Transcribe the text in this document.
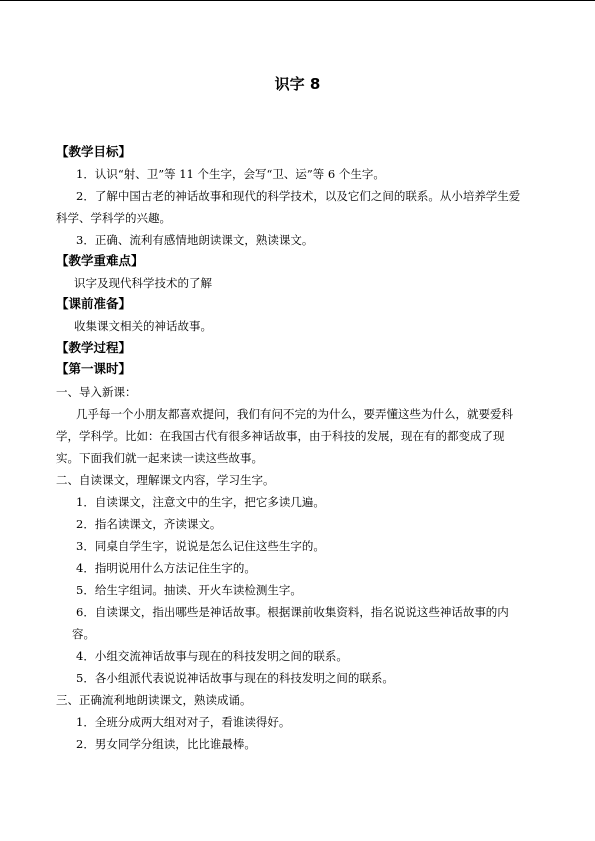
识字 8
【教学目标】
1．认识“射、卫”等 11 个生字，会写“卫、运”等 6 个生字。
2．了解中国古老的神话故事和现代的科学技术，以及它们之间的联系。从小培养学生爱
科学、学科学的兴趣。
3．正确、流利有感情地朗读课文，熟读课文。
【教学重难点】
识字及现代科学技术的了解
【课前准备】
收集课文相关的神话故事。
【教学过程】
【第一课时】
一、导入新课：
几乎每一个小朋友都喜欢提问，我们有问不完的为什么，要弄懂这些为什么，就要爱科
学，学科学。比如：在我国古代有很多神话故事，由于科技的发展，现在有的都变成了现
实。下面我们就一起来读一读这些故事。
二、自读课文，理解课文内容，学习生字。
1．自读课文，注意文中的生字，把它多读几遍。
2．指名读课文，齐读课文。
3．同桌自学生字，说说是怎么记住这些生字的。
4．指明说用什么方法记住生字的。
5．给生字组词。抽读、开火车读检测生字。
6．自读课文，指出哪些是神话故事。根据课前收集资料，指名说说这些神话故事的内
容。
4．小组交流神话故事与现在的科技发明之间的联系。
5．各小组派代表说说神话故事与现在的科技发明之间的联系。
三、正确流利地朗读课文，熟读成诵。
1．全班分成两大组对对子，看谁读得好。
2．男女同学分组读，比比谁最棒。
